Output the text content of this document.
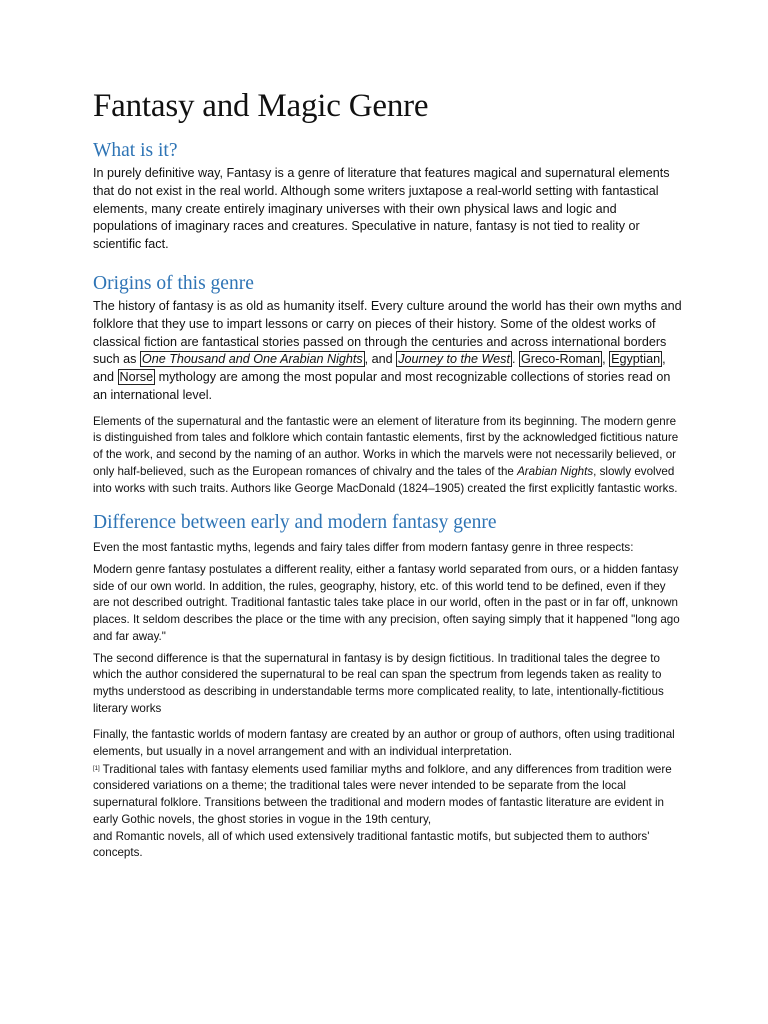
Fantasy and Magic Genre
What is it?

In purely definitive way, Fantasy is a genre of literature that features magical and supernatural elements that do not exist in the real world. Although some writers juxtapose a real-world setting with fantastical elements, many create entirely imaginary universes with their own physical laws and logic and populations of imaginary races and creatures. Speculative in nature, fantasy is not tied to reality or scientific fact.

Origins of this genre

The history of fantasy is as old as humanity itself. Every culture around the world has their own myths and folklore that they use to impart lessons or carry on pieces of their history. Some of the oldest works of classical fiction are fantastical stories passed on through the centuries and across international borders such as One Thousand and One Arabian Nights , and Journey to the West . Greco-Roman , Egyptian , and Norse mythology are among the most popular and most recognizable collections of stories read on an international level.

Elements of the supernatural and the fantastic were an element of literature from its beginning. The modern genre is distinguished from tales and folklore which contain fantastic elements, first by the acknowledged fictitious nature of the work, and second by the naming of an author. Works in which the marvels were not necessarily believed, or only half-believed, such as the European romances of chivalry and the tales of the Arabian Nights, slowly evolved into works with such traits. Authors like George MacDonald (1824–1905) created the first explicitly fantastic works.

Difference between early and modern fantasy genre

Even the most fantastic myths, legends and fairy tales differ from modern fantasy genre in three respects:

Modern genre fantasy postulates a different reality, either a fantasy world separated from ours, or a hidden fantasy side of our own world. In addition, the rules, geography, history, etc. of this world tend to be defined, even if they are not described outright. Traditional fantastic tales take place in our world, often in the past or in far off, unknown places. It seldom describes the place or the time with any precision, often saying simply that it happened "long ago and far away."

The second difference is that the supernatural in fantasy is by design fictitious. In traditional tales the degree to which the author considered the supernatural to be real can span the spectrum from legends taken as reality to myths understood as describing in understandable terms more complicated reality, to late, intentionally-fictitious literary works

Finally, the fantastic worlds of modern fantasy are created by an author or group of authors, often using traditional elements, but usually in a novel arrangement and with an individual interpretation.
[1] Traditional tales with fantasy elements used familiar myths and folklore, and any differences from tradition were considered variations on a theme; the traditional tales were never intended to be separate from the local supernatural folklore. Transitions between the traditional and modern modes of fantastic literature are evident in early Gothic novels, the ghost stories in vogue in the 19th century,
and Romantic novels, all of which used extensively traditional fantastic motifs, but subjected them to authors' concepts.
